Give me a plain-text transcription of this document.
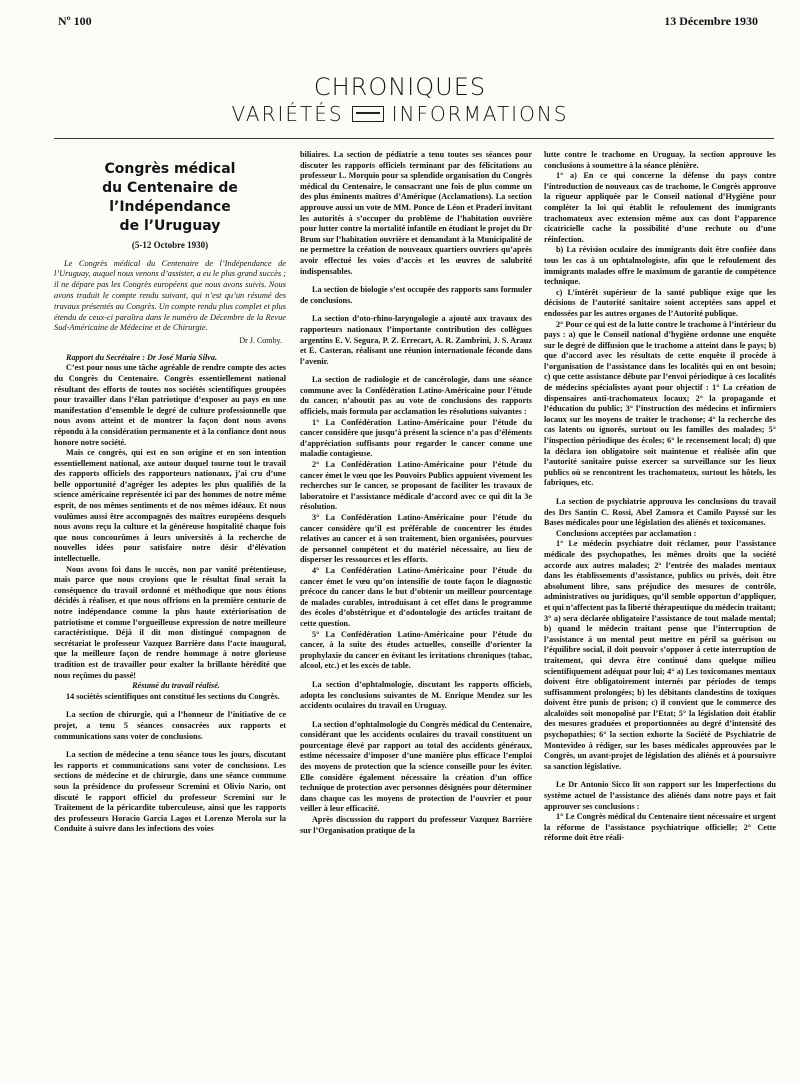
Nº 100	13 Décembre 1930
CHRONIQUES
VARIÉTÉS INFORMATIONS
Congrès médical
du Centenaire de l’Indépendance
de l’Uruguay
(5-12 Octobre 1930)

Le Congrès médical du Centenaire de l’Indépendance de l’Uruguay, auquel nous venons d’assister, a eu le plus grand succès ; il ne dépare pas les Congrès européens que nous avons suivis. Nous avons traduit le compte rendu suivant, qui n’est qu’un résumé des travaux présentés au Congrès. Un compte rendu plus complet et plus étendu de ceux-ci paraîtra dans le numéro de Décembre de la Revue Sud-Américaine de Médecine et de Chirurgie.

Dr J. Comby.

Rapport du Secrétaire : Dr José María Silva.

C’est pour nous une tâche agréable de rendre compte des actes du Congrès du Centenaire. Congrès essentiellement national résultant des efforts de toutes nos sociétés scientifiques groupées pour travailler dans l’élan patriotique d’exposer au pays en une manifestation d’ensemble le degré de culture professionnelle que nous avons atteint et de montrer la façon dont nous avons répondu à la considération permanente et à la confiance dont nous honore notre société.

Mais ce congrès, qui est en son origine et en son intention essentiellement national, axe autour duquel tourne tout le travail des rapports officiels des rapporteurs nationaux, j’ai cru d’une belle opportunité d’agréger les adeptes les plus qualifiés de la science américaine représentée ici par des hommes de notre même esprit, de nos mêmes sentiments et de nos mêmes idéaux. Et nous voulûmes aussi être accompagnés des maîtres européens desquels nous avons reçu la culture et la généreuse hospitalité chaque fois que nous concourûmes à leurs universités à la recherche de nouvelles idées pour satisfaire notre désir d’élévation intellectuelle.

Nous avons foi dans le succès, non par vanité prétentieuse, mais parce que nous croyions que le résultat final serait la conséquence du travail ordonné et méthodique que nous étions décidés à réaliser, et que nous offrions en la première centurie de notre indépendance comme la plus haute extériorisation de patriotisme et comme l’orgueilleuse expression de notre meilleure caractéristique. Déjà il dit mon distingué compagnon de secrétariat le professeur Vazquez Barrière dans l’acte inaugural, que la meilleure façon de rendre hommage à notre glorieuse tradition est de travailler pour exalter la brillante hérédité que nous reçûmes du passé!

Résumé du travail réalisé.

14 sociétés scientifiques ont constitué les sections du Congrès.

La section de chirurgie, qui a l’honneur de l’initiative de ce projet, a tenu 5 séances consacrées aux rapports et communications sans voter de conclusions.

La section de médecine a tenu séance tous les jours, discutant les rapports et communications sans voter de conclusions. Les sections de médecine et de chirurgie, dans une séance commune sous la présidence du professeur Scremini et Olivio Nario, ont discuté le rapport officiel du professeur Scremini sur le Traitement de la péricardite tuberculeuse, ainsi que les rapports des professeurs Horacio Garcia Lagos et Lorenzo Merola sur la Conduite à suivre dans les infections des voies

biliaires. La section de pédiatrie a tenu toutes ses séances pour discuter les rapports officiels terminant par des félicitations au professeur L. Morquio pour sa splendide organisation du Congrès médical du Centenaire, le consacrant une fois de plus comme un des plus éminents maîtres d’Amérique (Acclamations). La section approuve aussi un vote de MM. Ponce de Léon et Praderi invitant les autorités à s’occuper du problème de l’habitation ouvrière pour lutter contre la mortalité infantile en étudiant le projet du Dr Brum sur l’habitation ouvrière et demandant à la Municipalité de ne permettre la création de nouveaux quartiers ouvriers qu’après avoir effectué les voies d’accès et les œuvres de salubrité indispensables.

La section de biologie s’est occupée des rapports sans formuler de conclusions.

La section d’oto-rhino-laryngologie a ajouté aux travaux des rapporteurs nationaux l’importante contribution des collègues argentins E. V. Segura, P. Z. Errecart, A. R. Zambrini, J. S. Arauz et E. Casteran, réalisant une réunion internationale féconde dans l’avenir.

La section de radiologie et de cancérologie, dans une séance commune avec la Confédération Latino-Américaine pour l’étude du cancer, n’aboutit pas au vote de conclusions des rapports officiels, mais formula par acclamation les résolutions suivantes :

1° La Confédération Latino-Américaine pour l’étude du cancer considère que jusqu’à présent la science n’a pas d’éléments d’appréciation suffisants pour regarder le cancer comme une maladie contagieuse.

2° La Confédération Latino-Américaine pour l’étude du cancer émet le vœu que les Pouvoirs Publics appuient vivement les recherches sur le cancer, se proposant de faciliter les travaux de laboratoire et l’assistance médicale d’accord avec ce qui dit la 3e résolution.

3° La Confédération Latino-Américaine pour l’étude du cancer considère qu’il est préférable de concentrer les études relatives au cancer et à son traitement, bien organisées, pourvues de personnel compétent et du matériel nécessaire, au lieu de disperser les ressources et les efforts.

4° La Confédération Latino-Américaine pour l’étude du cancer émet le vœu qu’on intensifie de toute façon le diagnostic précoce du cancer dans le but d’obtenir un meilleur pourcentage de malades curables, introduisant à cet effet dans le programme des écoles d’obstétrique et d’odontologie des articles traitant de cette question.

5° La Confédération Latino-Américaine pour l’étude du cancer, à la suite des études actuelles, conseille d’orienter la prophylaxie du cancer en évitant les irritations chroniques (tabac, alcool, etc.) et les excès de table.

La section d’ophtalmologie, discutant les rapports officiels, adopta les conclusions suivantes de M. Enrique Mendez sur les accidents oculaires du travail en Uruguay.

La section d’ophtalmologie du Congrès médical du Centenaire, considérant que les accidents oculaires du travail constituent un pourcentage élevé par rapport au total des accidents généraux, estime nécessaire d’imposer d’une manière plus efficace l’emploi des moyens de protection que la science conseille pour les éviter. Elle considère également nécessaire la création d’un office technique de protection avec personnes désignées pour déterminer dans chaque cas les moyens de protection de l’ouvrier et pour veiller à leur efficacité.

Après discussion du rapport du professeur Vazquez Barrière sur l’Organisation pratique de la

lutte contre le trachome en Uruguay, la section approuve les conclusions à soumettre à la séance plénière.

1° a) En ce qui concerne la défense du pays contre l’introduction de nouveaux cas de trachome, le Congrès approuve la rigueur appliquée par le Conseil national d’Hygiène pour compléter la loi qui établit le refoulement des immigrants trachomateux avec extension même aux cas dont l’apparence cicatricielle cache la possibilité d’une rechute ou d’une réinfection.

b) La révision oculaire des immigrants doit être confiée dans tous les cas à un ophtalmologiste, afin que le refoulement des immigrants malades offre le maximum de garantie de compétence technique.

c) L’intérêt supérieur de la santé publique exige que les décisions de l’autorité sanitaire soient acceptées sans appel et endossées par les autres organes de l’Autorité publique.

2° Pour ce qui est de la lutte contre le trachome à l’intérieur du pays : a) que le Conseil national d’hygiène ordonne une enquête sur le degré de diffusion que le trachome a atteint dans le pays; b) que d’accord avec les résultats de cette enquête il procède à l’organisation de l’assistance dans les localités qui en ont besoin; c) que cette assistance débute par l’envoi périodique à ces localités de médecins spécialistes ayant pour objectif : 1° La création de dispensaires anti-trachomateux locaux; 2° la propagande et l’éducation du public; 3° l’instruction des médecins et infirmiers locaux sur les moyens de traiter le trachome; 4° la recherche des cas latents ou ignorés, surtout ou les familles des malades; 5° l’inspection périodique des écoles; 6° le recensement local; d) que la déclara ion obligatoire soit maintenue et réalisée afin que l’autorité sanitaire puisse exercer sa surveillance sur les lieux publics où se rencontrent les trachomateux, surtout les hôtels, les fabriques, etc.

La section de psychiatrie approuva les conclusions du travail des Drs Santin C. Rossi, Abel Zamora et Camilo Payssé sur les Bases médicales pour une législation des aliénés et toxicomanes.

Conclusions acceptées par acclamation :

1° Le médecin psychiatre doit réclamer, pour l’assistance médicale des psychopathes, les mêmes droits que la société accorde aux autres malades; 2° l’entrée des malades mentaux dans les établissements d’assistance, publics ou privés, doit être absolument libre, sans préjudice des mesures de contrôle, administratives ou juridiques, qu’il semble opportun d’appliquer, et qui n’affectent pas la liberté thérapeutique du médecin traitant; 3° a) sera déclarée obligatoire l’assistance de tout malade mental; b) quand le médecin traitant pense que l’interruption de l’assistance à un mental peut mettre en péril sa guérison ou l’équilibre social, il doit pouvoir s’opposer à cette interruption de traitement, qui devra être continué dans quelque milieu scientifiquement adéquat pour lui; 4° a) Les toxicomanes mentaux doivent être obligatoirement internés par périodes de temps suffisamment prolongées; b) les débitants clandestins de toxiques doivent être punis de prison; c) il convient que le commerce des alcaloïdes soit monopolisé par l’Etat; 5° la législation doit établir des mesures graduées et proportionnées au degré d’intensité des psychopathies; 6° la section exhorte la Société de Psychiatrie de Montevideo à rédiger, sur les bases médicales approuvées par le Congrès, un avant-projet de législation des aliénés et à poursuivre sa sanction législative.

Le Dr Antonio Sicco lit son rapport sur les Imperfections du système actuel de l’assistance des aliénés dans notre pays et fait approuver ses conclusions :

1° Le Congrès médical du Centenaire tient nécessaire et urgent la réforme de l’assistance psychiatrique officielle; 2° Cette réforme doit être réali-
